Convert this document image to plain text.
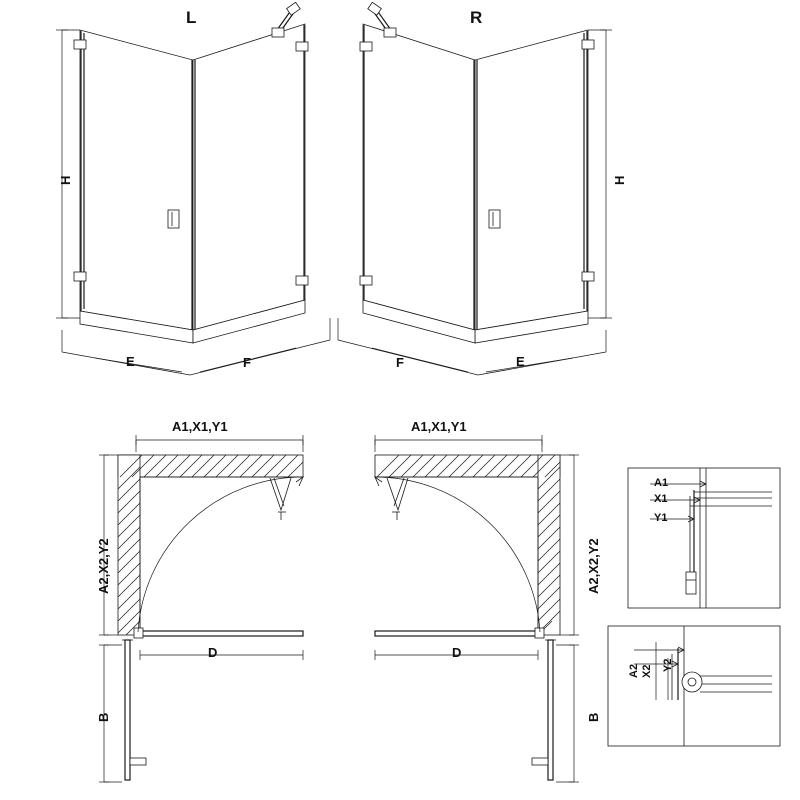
L	R
H	H
E	F	F	E
A1,X1,Y1	A1,X1,Y1
A2,X2,Y2	A2,X2,Y2
D	D
B	B
A1
X1
Y1
A2 X2 Y2
